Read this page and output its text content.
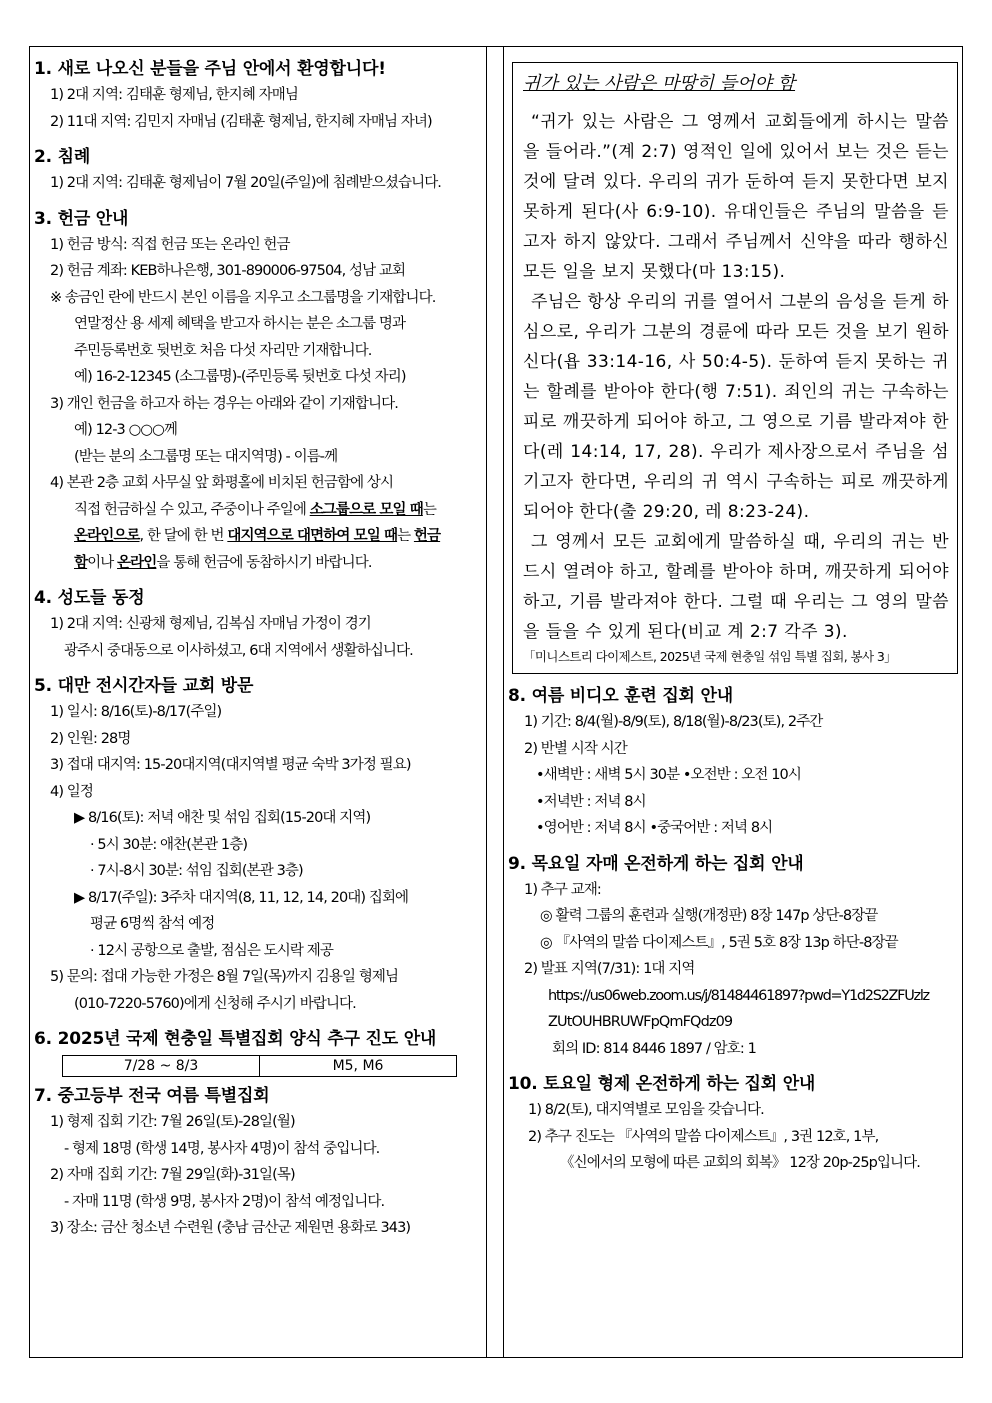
1. 새로 나오신 분들을 주님 안에서 환영합니다!
1) 2대 지역: 김태훈 형제님, 한지혜 자매님
2) 11대 지역: 김민지 자매님 (김태훈 형제님, 한지혜 자매님 자녀)
2. 침례
1) 2대 지역: 김태훈 형제님이 7월 20일(주일)에 침례받으셨습니다.
3. 헌금 안내
1) 헌금 방식: 직접 헌금 또는 온라인 헌금
2) 헌금 계좌: KEB하나은행, 301-890006-97504, 성남 교회
※ 송금인 란에 반드시 본인 이름을 지우고 소그룹명을 기재합니다.
연말정산 용 세제 혜택을 받고자 하시는 분은 소그룹 명과
주민등록번호 뒷번호 처음 다섯 자리만 기재합니다.
예) 16-2-12345 (소그룹명)-(주민등록 뒷번호 다섯 자리)
3) 개인 헌금을 하고자 하는 경우는 아래와 같이 기재합니다.
예) 12-3 ○○○께
(받는 분의 소그룹명 또는 대지역명) - 이름-께
4) 본관 2층 교회 사무실 앞 화평홀에 비치된 헌금함에 상시
직접 헌금하실 수 있고, 주중이나 주일에 소그룹으로 모일 때는
온라인으로, 한 달에 한 번 대지역으로 대면하여 모일 때는 헌금
함이나 온라인을 통해 헌금에 동참하시기 바랍니다.
4. 성도들 동정
1) 2대 지역: 신광채 형제님, 김복심 자매님 가정이 경기
광주시 중대동으로 이사하셨고, 6대 지역에서 생활하십니다.
5. 대만 전시간자들 교회 방문
1) 일시: 8/16(토)-8/17(주일)
2) 인원: 28명
3) 접대 대지역: 15-20대지역(대지역별 평균 숙박 3가정 필요)
4) 일정
▶ 8/16(토): 저녁 애찬 및 섞임 집회(15-20대 지역)
· 5시 30분: 애찬(본관 1층)
· 7시-8시 30분: 섞임 집회(본관 3층)
▶ 8/17(주일): 3주차 대지역(8, 11, 12, 14, 20대) 집회에
평균 6명씩 참석 예정
· 12시 공항으로 출발, 점심은 도시락 제공
5) 문의: 접대 가능한 가정은 8월 7일(목)까지 김용일 형제님
(010-7220-5760)에게 신청해 주시기 바랍니다.
6. 2025년 국제 현충일 특별집회 양식 추구 진도 안내
7/28 ~ 8/3	M5, M6
7. 중고등부 전국 여름 특별집회
1) 형제 집회 기간: 7월 26일(토)-28일(월)
- 형제 18명 (학생 14명, 봉사자 4명)이 참석 중입니다.
2) 자매 집회 기간: 7월 29일(화)-31일(목)
- 자매 11명 (학생 9명, 봉사자 2명)이 참석 예정입니다.
3) 장소: 금산 청소년 수련원 (충남 금산군 제원면 용화로 343)
귀가 있는 사람은 마땅히 들어야 함
“귀가 있는 사람은 그 영께서 교회들에게 하시는 말씀을 들어라.”(계 2:7) 영적인 일에 있어서 보는 것은 듣는 것에 달려 있다. 우리의 귀가 둔하여 듣지 못한다면 보지 못하게 된다(사 6:9-10). 유대인들은 주님의 말씀을 듣고자 하지 않았다. 그래서 주님께서 신약을 따라 행하신 모든 일을 보지 못했다(마 13:15).
주님은 항상 우리의 귀를 열어서 그분의 음성을 듣게 하심으로, 우리가 그분의 경륜에 따라 모든 것을 보기 원하신다(욥 33:14-16, 사 50:4-5). 둔하여 듣지 못하는 귀는 할례를 받아야 한다(행 7:51). 죄인의 귀는 구속하는 피로 깨끗하게 되어야 하고, 그 영으로 기름 발라져야 한다(레 14:14, 17, 28). 우리가 제사장으로서 주님을 섬기고자 한다면, 우리의 귀 역시 구속하는 피로 깨끗하게 되어야 한다(출 29:20, 레 8:23-24).
그 영께서 모든 교회에게 말씀하실 때, 우리의 귀는 반드시 열려야 하고, 할례를 받아야 하며, 깨끗하게 되어야 하고, 기름 발라져야 한다. 그럴 때 우리는 그 영의 말씀을 들을 수 있게 된다(비교 계 2:7 각주 3).
「미니스트리 다이제스트, 2025년 국제 현충일 섞임 특별 집회, 봉사 3」
8. 여름 비디오 훈련 집회 안내
1) 기간: 8/4(월)-8/9(토), 8/18(월)-8/23(토), 2주간
2) 반별 시작 시간
•새벽반 : 새벽 5시 30분 •오전반 : 오전 10시
•저녁반 : 저녁 8시
•영어반 : 저녁 8시 •중국어반 : 저녁 8시
9. 목요일 자매 온전하게 하는 집회 안내
1) 추구 교재:
◎ 활력 그룹의 훈련과 실행(개정판) 8장 147p 상단-8장끝
◎ 『사역의 말씀 다이제스트』, 5권 5호 8장 13p 하단-8장끝
2) 발표 지역(7/31): 1대 지역
https://us06web.zoom.us/j/81484461897?pwd=Y1d2S2ZFUzlz
ZUtOUHBRUWFpQmFQdz09
회의 ID: 814 8446 1897 / 암호: 1
10. 토요일 형제 온전하게 하는 집회 안내
1) 8/2(토), 대지역별로 모임을 갖습니다.
2) 추구 진도는 『사역의 말씀 다이제스트』, 3권 12호, 1부,
《신에서의 모형에 따른 교회의 회복》 12장 20p-25p입니다.
